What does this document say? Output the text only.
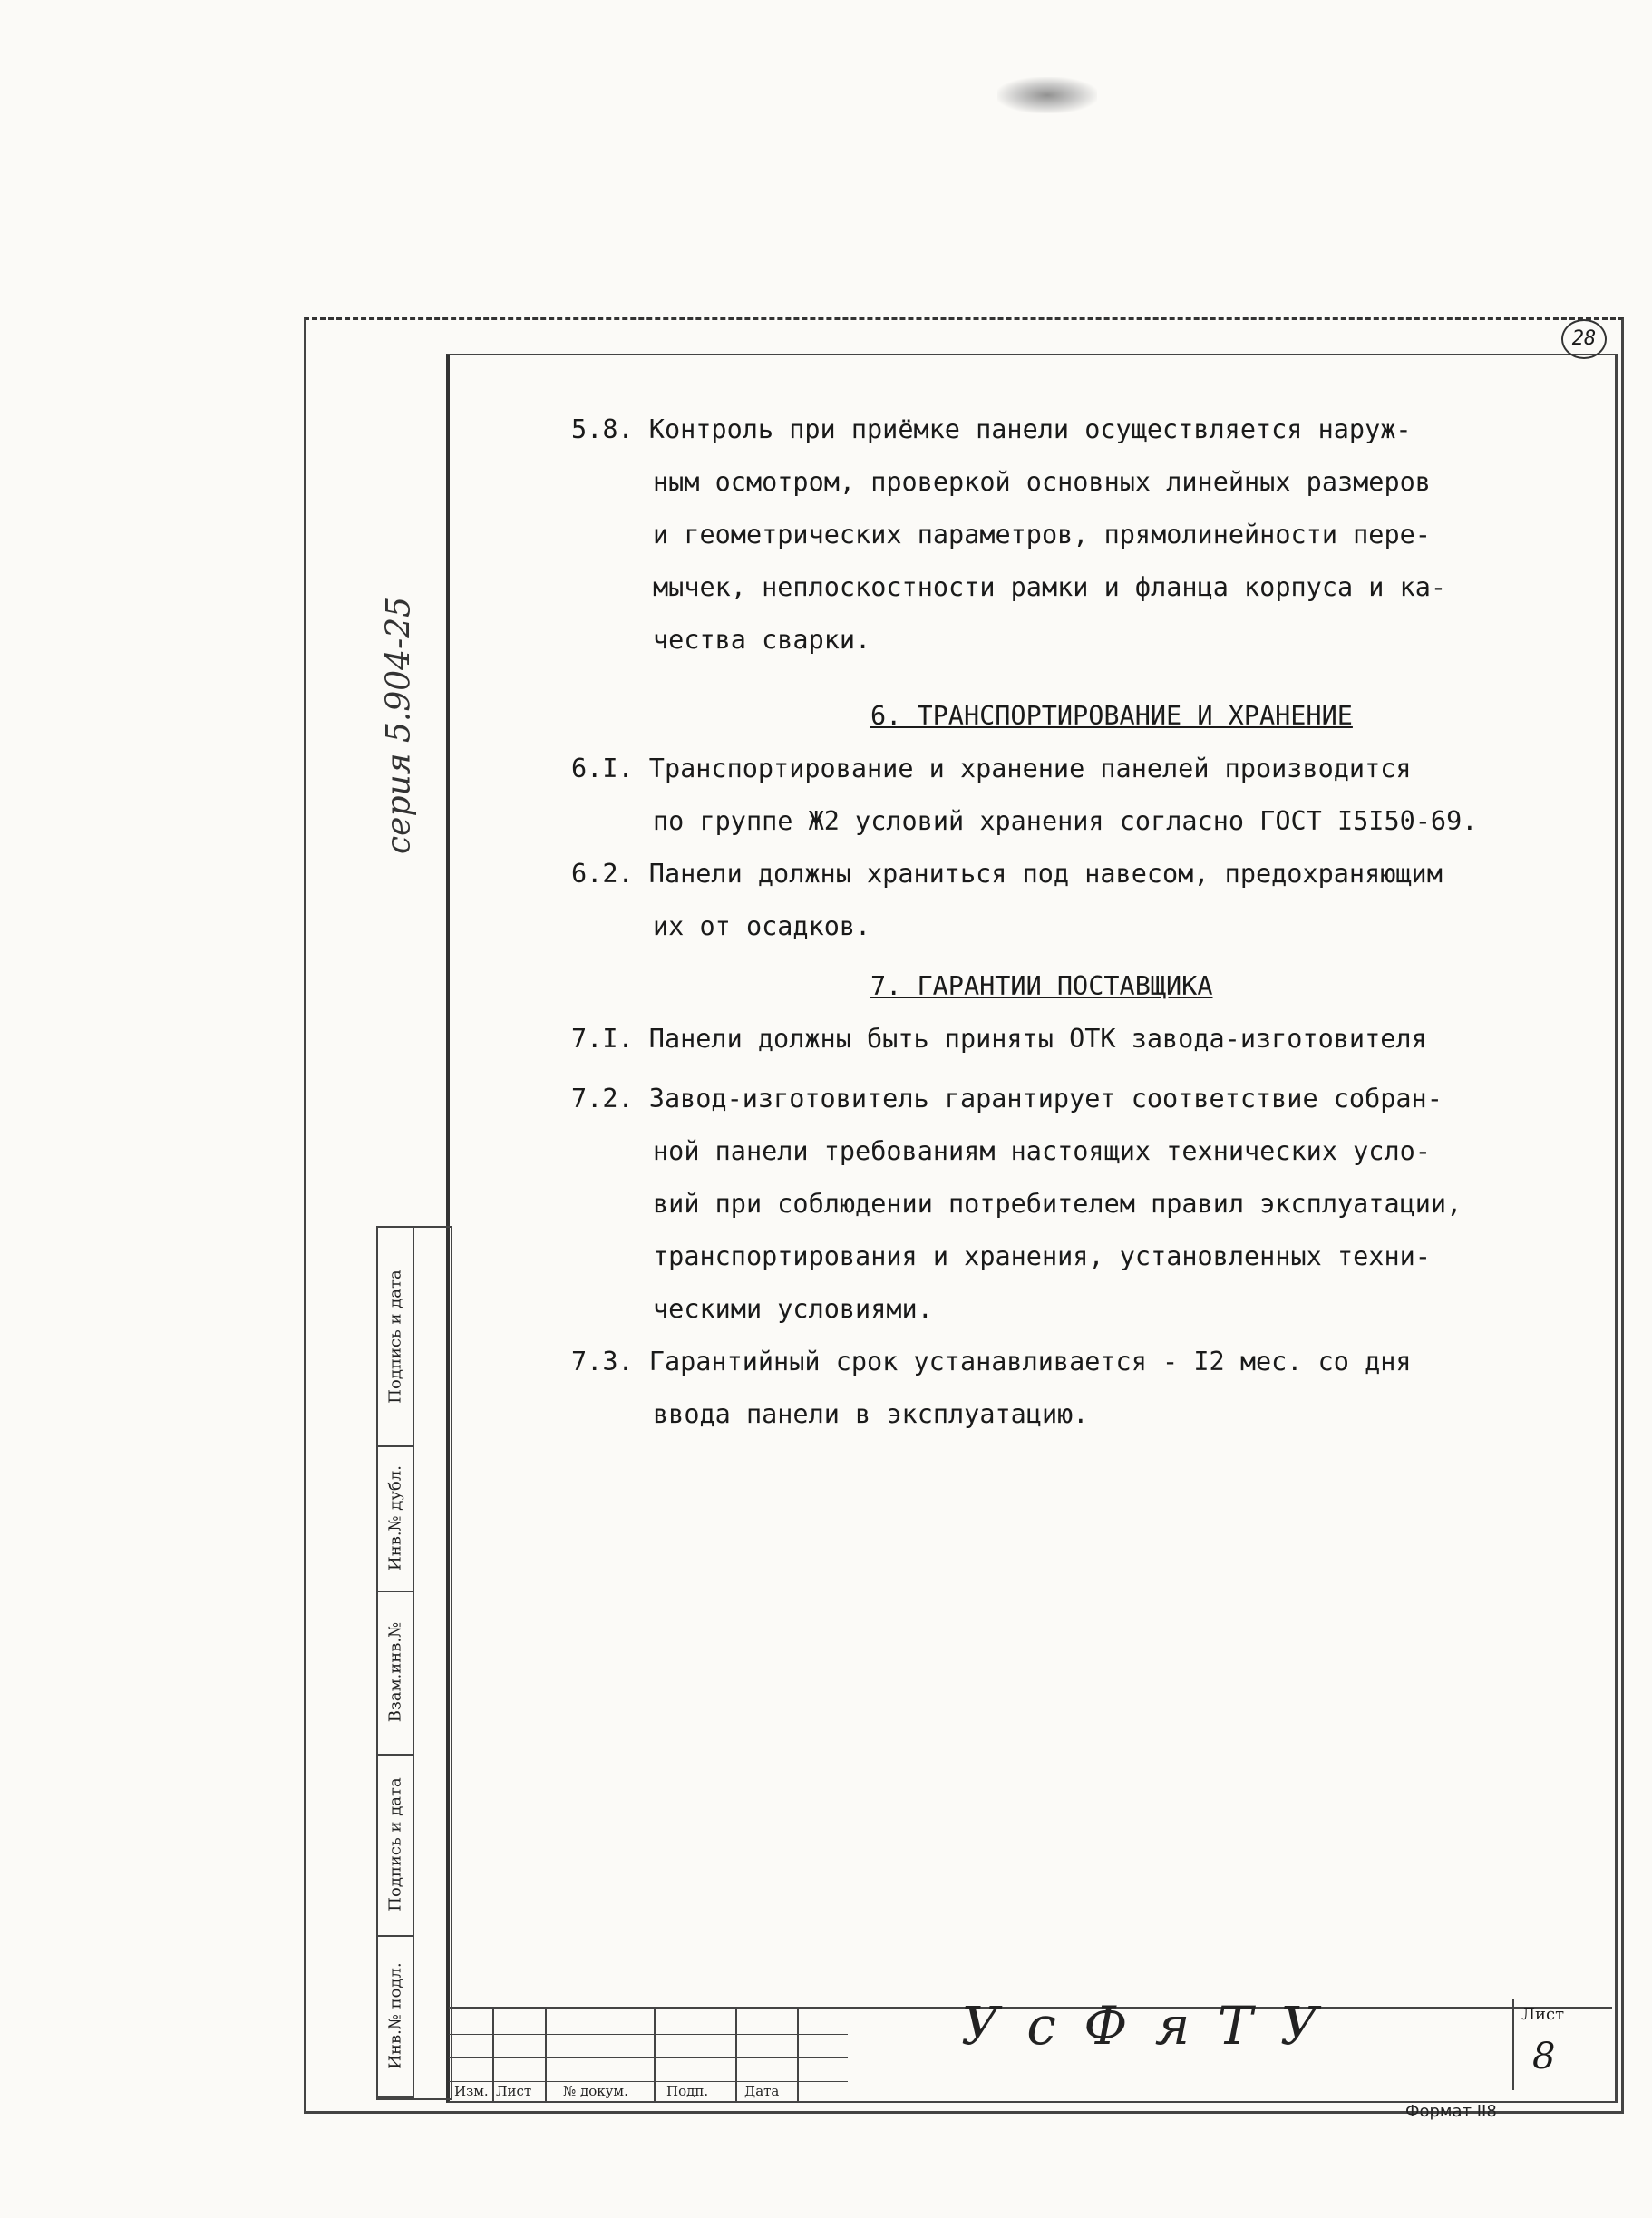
28
серия 5.904-25
Инв.№ подл.
Подпись и дата
Взам.инв.№
Инв.№ дубл.
Подпись и дата

5.8. Контроль при приёмке панели осуществляется наруж-

ным осмотром, проверкой основных линейных размеров

и геометрических параметров, прямолинейности пере-

мычек, неплоскостности рамки и фланца корпуса и ка-

чества сварки.

6. ТРАНСПОРТИРОВАНИЕ И ХРАНЕНИЕ

6.I. Транспортирование и хранение панелей производится

по группе Ж2 условий хранения согласно ГОСТ I5I50-69.

6.2. Панели должны храниться под навесом, предохраняющим

их от осадков.

7. ГАРАНТИИ ПОСТАВЩИКА

7.I. Панели должны быть приняты ОТК завода-изготовителя

7.2. Завод-изготовитель гарантирует соответствие собран-

ной панели требованиям настоящих технических усло-

вий при соблюдении потребителем правил эксплуатации,

транспортирования и хранения, установленных техни-

ческими условиями.

7.3. Гарантийный срок устанавливается - I2 мес. со дня

ввода панели в эксплуатацию.

Изм. Лист № докум.	Подп.	Дата
У с Ф я Т У	Лист
8
Формат II8
